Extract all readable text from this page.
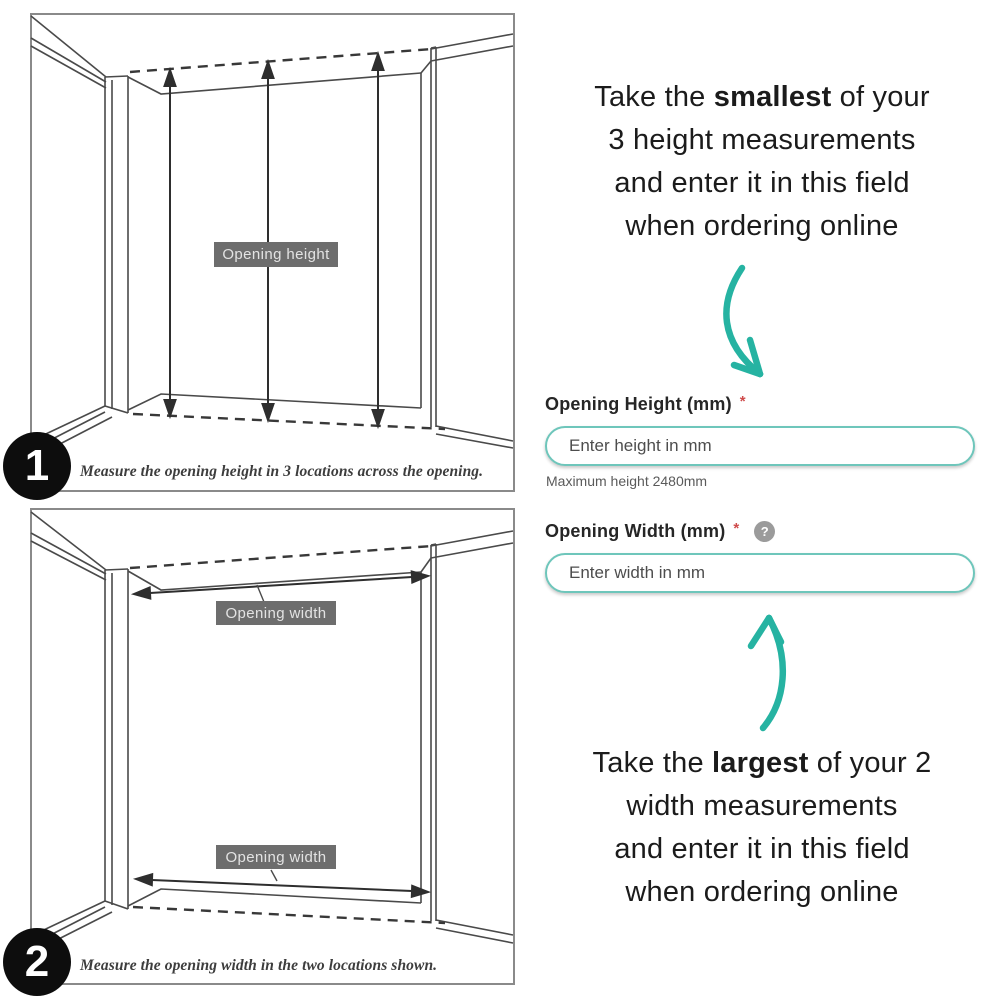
Opening height
1	Measure the opening height in 3 locations across the opening.
Opening width
Opening width
2	Measure the opening width in the two locations shown.
Take the smallest of your
3 height measurements
and enter it in this field
when ordering online
Opening Height (mm) *
Enter height in mm
Maximum height 2480mm
Opening Width (mm) *	?
Enter width in mm
Take the largest of your 2
width measurements
and enter it in this field
when ordering online
